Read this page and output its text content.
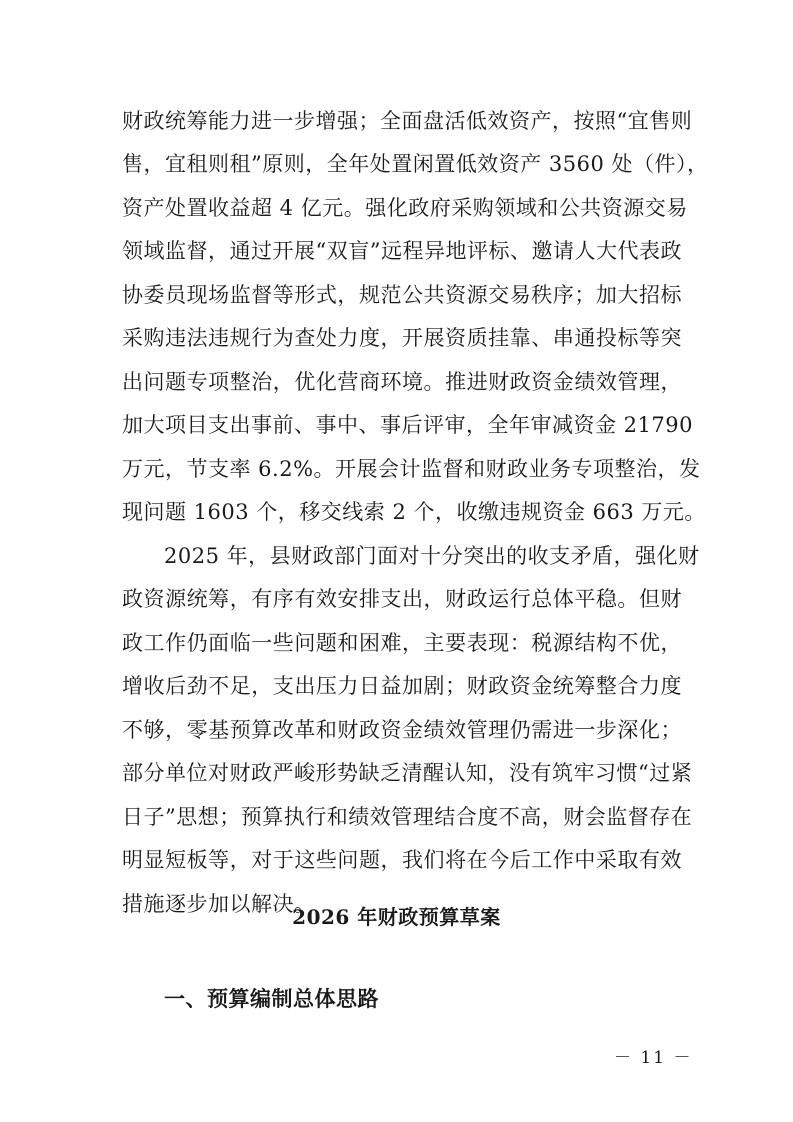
财政统筹能力进一步增强；全面盘活低效资产，按照“宜售则
售，宜租则租”原则，全年处置闲置低效资产 3560 处（件），
资产处置收益超 4 亿元。强化政府采购领域和公共资源交易
领域监督，通过开展“双盲”远程异地评标、邀请人大代表政
协委员现场监督等形式，规范公共资源交易秩序；加大招标
采购违法违规行为查处力度，开展资质挂靠、串通投标等突
出问题专项整治，优化营商环境。推进财政资金绩效管理，
加大项目支出事前、事中、事后评审，全年审减资金 21790
万元，节支率 6.2%。开展会计监督和财政业务专项整治，发
现问题 1603 个，移交线索 2 个，收缴违规资金 663 万元。
2025 年，县财政部门面对十分突出的收支矛盾，强化财
政资源统筹，有序有效安排支出，财政运行总体平稳。但财
政工作仍面临一些问题和困难，主要表现：税源结构不优，
增收后劲不足，支出压力日益加剧；财政资金统筹整合力度
不够，零基预算改革和财政资金绩效管理仍需进一步深化；
部分单位对财政严峻形势缺乏清醒认知，没有筑牢习惯“过紧
日子”思想；预算执行和绩效管理结合度不高，财会监督存在
明显短板等，对于这些问题，我们将在今后工作中采取有效
措施逐步加以解决。
2026 年财政预算草案
一、预算编制总体思路
－ 11 －
